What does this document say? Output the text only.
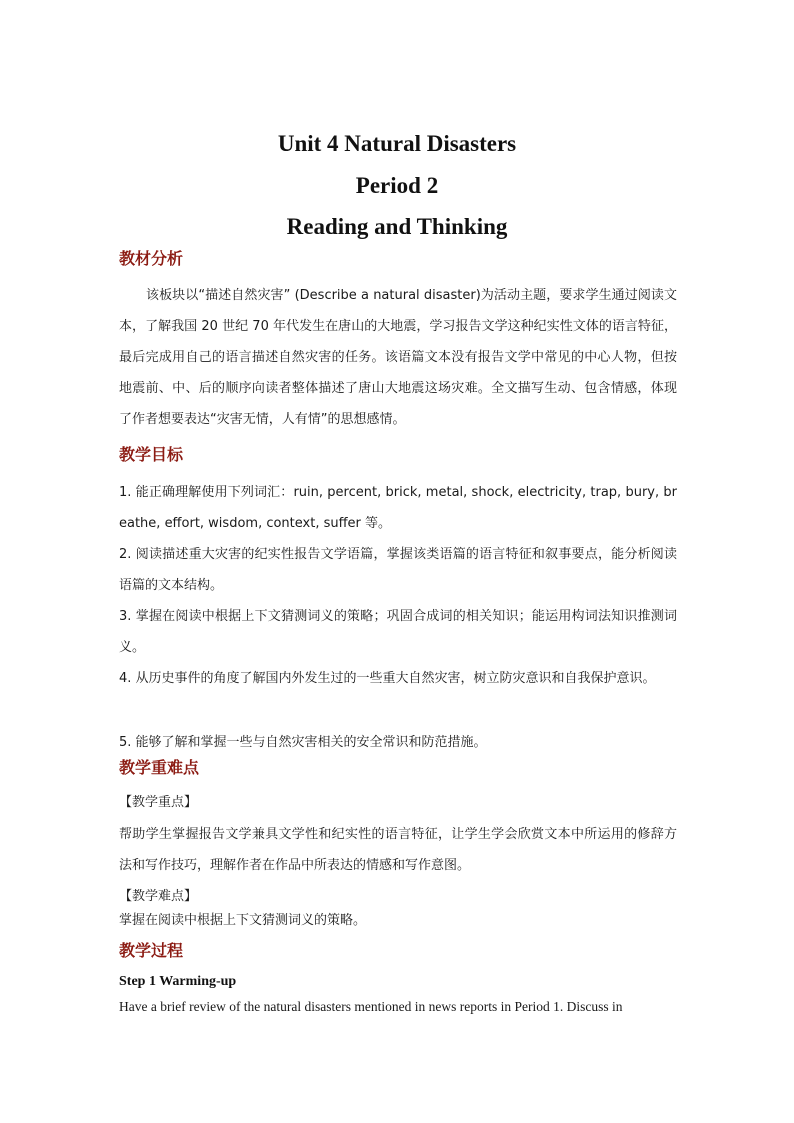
Unit 4 Natural Disasters
Period 2
Reading and Thinking
教材分析
该板块以“描述自然灾害” (Describe a natural disaster)为活动主题，要求学生通过阅读文本，了解我国 20 世纪 70 年代发生在唐山的大地震，学习报告文学这种纪实性文体的语言特征，最后完成用自己的语言描述自然灾害的任务。该语篇文本没有报告文学中常见的中心人物，但按地震前、中、后的顺序向读者整体描述了唐山大地震这场灾难。全文描写生动、包含情感，体现了作者想要表达“灾害无情，人有情”的思想感情。
教学目标
1. 能正确理解使用下列词汇：ruin, percent, brick, metal, shock, electricity, trap, bury, breathe, effort, wisdom, context, suffer 等。
2. 阅读描述重大灾害的纪实性报告文学语篇，掌握该类语篇的语言特征和叙事要点，能分析阅读语篇的文本结构。
3. 掌握在阅读中根据上下文猜测词义的策略；巩固合成词的相关知识；能运用构词法知识推测词义。
4. 从历史事件的角度了解国内外发生过的一些重大自然灾害，树立防灾意识和自我保护意识。
5. 能够了解和掌握一些与自然灾害相关的安全常识和防范措施。
教学重难点
【教学重点】
帮助学生掌握报告文学兼具文学性和纪实性的语言特征，让学生学会欣赏文本中所运用的修辞方法和写作技巧，理解作者在作品中所表达的情感和写作意图。
【教学难点】
掌握在阅读中根据上下文猜测词义的策略。
教学过程
Step 1 Warming-up
Have a brief review of the natural disasters mentioned in news reports in Period 1. Discuss in
